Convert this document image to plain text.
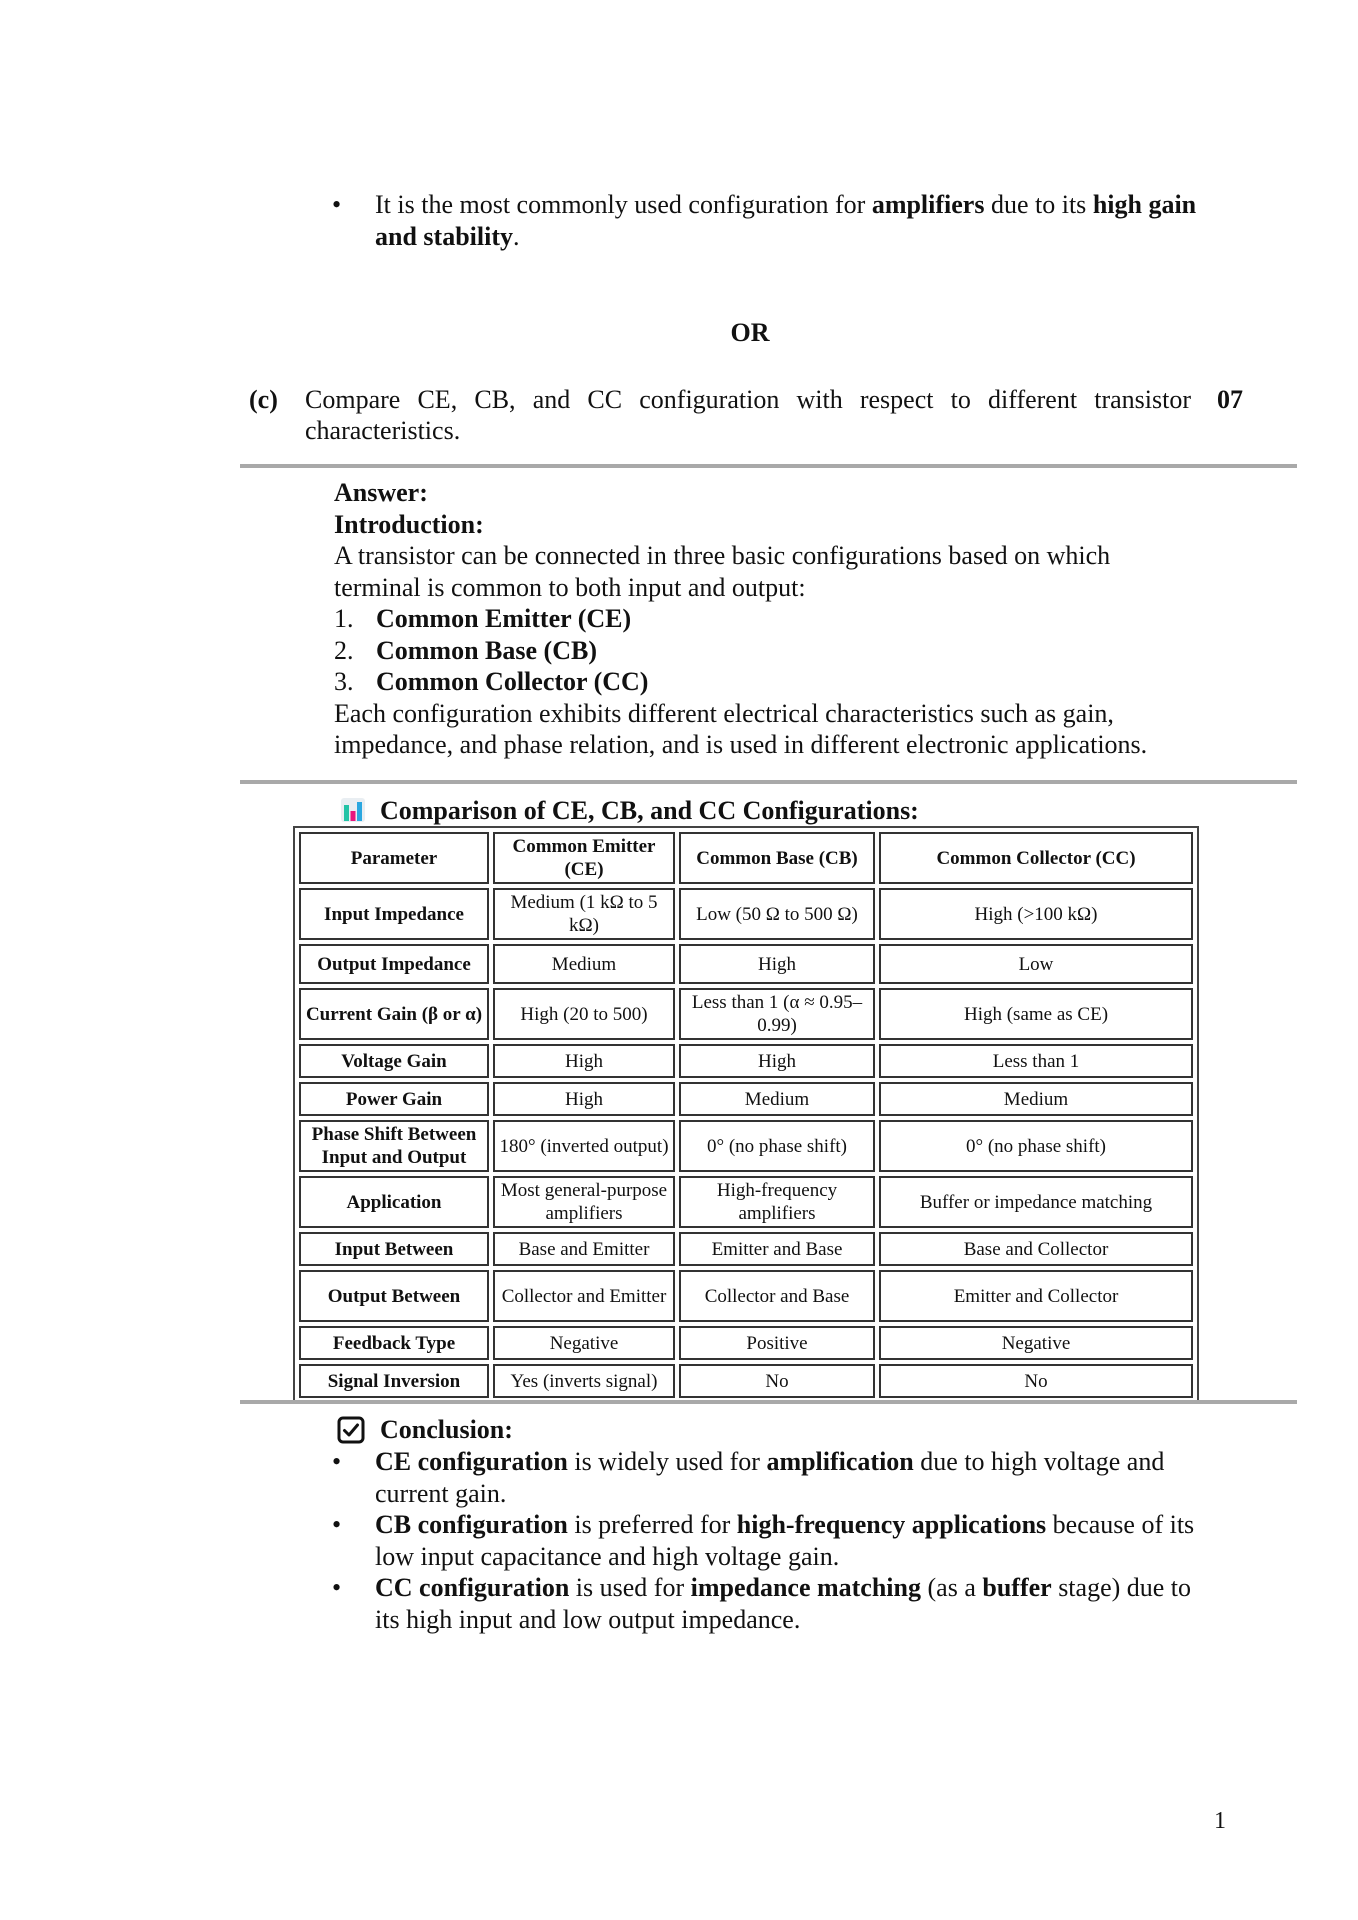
• It is the most commonly used configuration for amplifiers due to its high gain and stability.
OR
(c) Compare CE, CB, and CC configuration with respect to different transistor characteristics.
07
Answer:
Introduction:
A transistor can be connected in three basic configurations based on which terminal is common to both input and output:
1. Common Emitter (CE)
2. Common Base (CB)
3. Common Collector (CC)
Each configuration exhibits different electrical characteristics such as gain, impedance, and phase relation, and is used in different electronic applications.
Comparison of CE, CB, and CC Configurations:
Parameter	Common Emitter (CE)	Common Base (CB)	Common Collector (CC)
Input Impedance	Medium (1 kΩ to 5 kΩ)	Low (50 Ω to 500 Ω)	High (>100 kΩ)
Output Impedance	Medium	High	Low
Current Gain (β or α)	High (20 to 500)	Less than 1 (α ≈ 0.95–0.99)	High (same as CE)
Voltage Gain	High	High	Less than 1
Power Gain	High	Medium	Medium
Phase Shift Between Input and Output	180° (inverted output)	0° (no phase shift)	0° (no phase shift)
Application	Most general-purpose amplifiers	High-frequency amplifiers	Buffer or impedance matching
Input Between	Base and Emitter	Emitter and Base	Base and Collector
Output Between	Collector and Emitter	Collector and Base	Emitter and Collector
Feedback Type	Negative	Positive	Negative
Signal Inversion	Yes (inverts signal)	No	No
Conclusion:
• CE configuration is widely used for amplification due to high voltage and current gain.
• CB configuration is preferred for high-frequency applications because of its low input capacitance and high voltage gain.
• CC configuration is used for impedance matching (as a buffer stage) due to its high input and low output impedance.
1
